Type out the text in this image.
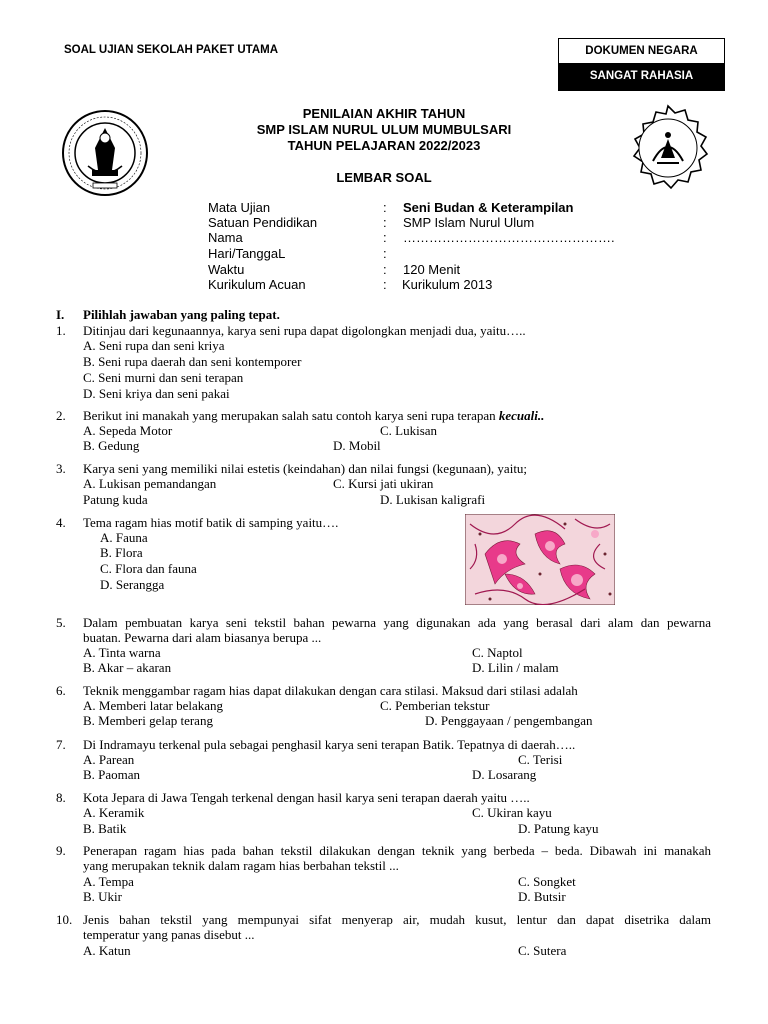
SOAL UJIAN SEKOLAH PAKET UTAMA	DOKUMEN NEGARA
SANGAT RAHASIA
PENILAIAN AKHIR TAHUN
SMP ISLAM NURUL ULUM MUMBULSARI
TAHUN PELAJARAN 2022/2023
LEMBAR SOAL
Mata Ujian	: Seni Budan & Keterampilan
Satuan Pendidikan	: SMP Islam Nurul Ulum
Nama	: ………………………………………….
Hari/TanggaL	:
Waktu	: 120 Menit
Kurikulum Acuan	: Kurikulum 2013
I. Pilihlah jawaban yang paling tepat.
1. Ditinjau dari kegunaannya, karya seni rupa dapat digolongkan menjadi dua, yaitu…..
A. Seni rupa dan seni kriya
B. Seni rupa daerah dan seni kontemporer
C. Seni murni dan seni terapan
D. Seni kriya dan seni pakai
2. Berikut ini manakah yang merupakan salah satu contoh karya seni rupa terapan kecuali..
A. Sepeda Motor	C. Lukisan
B. Gedung	D. Mobil
3. Karya seni yang memiliki nilai estetis (keindahan) dan nilai fungsi (kegunaan), yaitu;
A. Lukisan pemandangan	C. Kursi jati ukiran
Patung kuda	D. Lukisan kaligrafi
4. Tema ragam hias motif batik di samping yaitu….
A. Fauna
B. Flora
C. Flora dan fauna
D. Serangga
5. Dalam pembuatan karya seni tekstil bahan pewarna yang digunakan ada yang berasal dari alam dan pewarna
buatan. Pewarna dari alam biasanya berupa ...
A. Tinta warna	C. Naptol
B. Akar – akaran	D. Lilin / malam
6. Teknik menggambar ragam hias dapat dilakukan dengan cara stilasi. Maksud dari stilasi adalah
A. Memberi latar belakang	C. Pemberian tekstur
B. Memberi gelap terang	D. Penggayaan / pengembangan
7. Di Indramayu terkenal pula sebagai penghasil karya seni terapan Batik. Tepatnya di daerah…..
A. Parean	C. Terisi
B. Paoman	D. Losarang
8. Kota Jepara di Jawa Tengah terkenal dengan hasil karya seni terapan daerah yaitu …..
A. Keramik	C. Ukiran kayu
B. Batik	D. Patung kayu
9. Penerapan ragam hias pada bahan tekstil dilakukan dengan teknik yang berbeda – beda. Dibawah ini manakah
yang merupakan teknik dalam ragam hias berbahan tekstil ...
A. Tempa	C. Songket
B. Ukir	D. Butsir
10. Jenis bahan tekstil yang mempunyai sifat menyerap air, mudah kusut, lentur dan dapat disetrika dalam
temperatur yang panas disebut ...
A. Katun	C. Sutera
